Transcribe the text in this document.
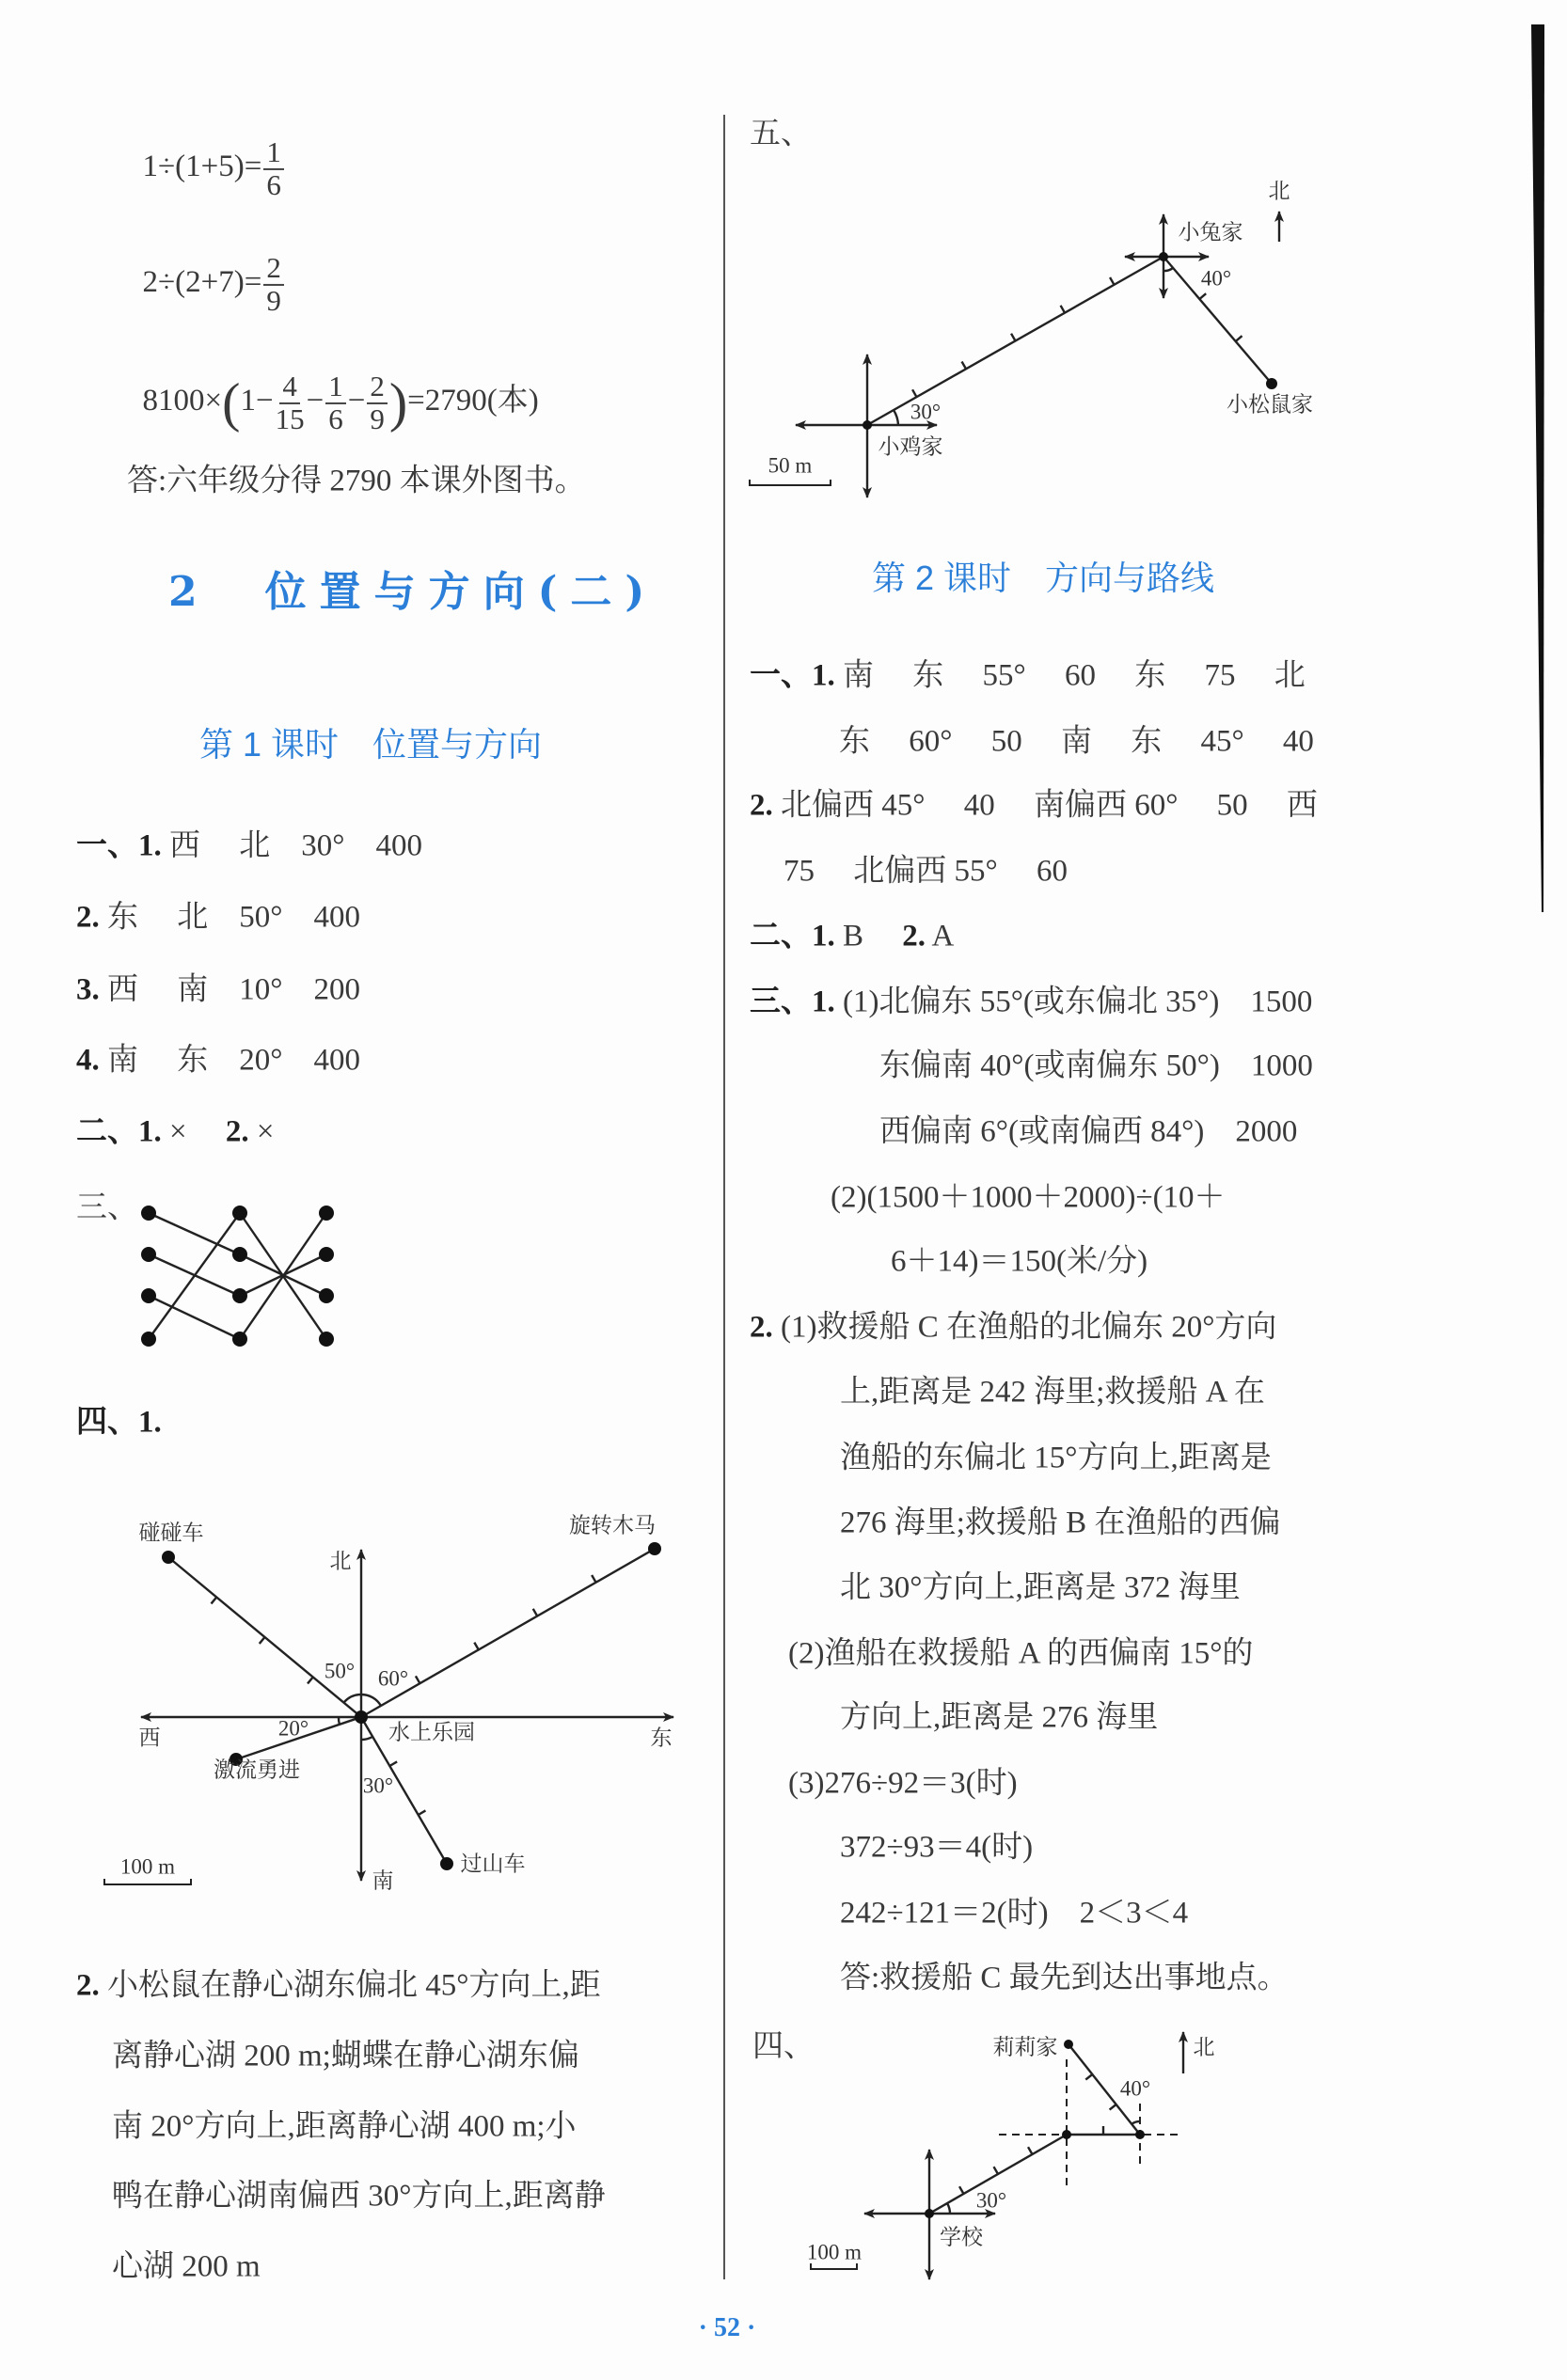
$1\div(1+5)= \frac{1}{6}$

$2\div(2+7)= \frac{2}{9}$

$8100\times(1- \frac{4}{15} - \frac{1}{6} - \frac{2}{9} )=2790$(本)

答:六年级分得 2790 本课外图书。
2　位置与方向(二)
第 1 课时　位置与方向
一、1. 西　 北　30°　400
2. 东　 北　50°　400
3. 西　 南　10°　200
4. 南　 东　20°　400
二、1. ×　 2. ×
三、
四、1.
碰碰车	旋转木马
北
50° 60°
西	20°	水上乐园	东
激流勇进
30°
过山车
南
100 m
2. 小松鼠在静心湖东偏北 45°方向上,距
离静心湖 200 m;蝴蝶在静心湖东偏
南 20°方向上,距离静心湖 400 m;小
鸭在静心湖南偏西 30°方向上,距离静
心湖 200 m
五、
小兔家
40°
北
30°
小鸡家
小松鼠家
50 m
第 2 课时　方向与路线
一、1. 南　 东　 55°　 60　 东　 75　 北
东　 60°　 50　 南　 东　 45°　 40
2. 北偏西 45°　 40　 南偏西 60°　 50　 西
75　 北偏西 55°　 60
二、1. B　 2. A
三、1. (1)北偏东 55°(或东偏北 35°)　1500
东偏南 40°(或南偏东 50°)　1000
西偏南 6°(或南偏西 84°)　2000
(2)(1500＋1000＋2000)÷(10＋
6＋14)＝150(米/分)
2. (1)救援船 C 在渔船的北偏东 20°方向
上,距离是 242 海里;救援船 A 在
渔船的东偏北 15°方向上,距离是
276 海里;救援船 B 在渔船的西偏
北 30°方向上,距离是 372 海里
(2)渔船在救援船 A 的西偏南 15°的
方向上,距离是 276 海里
(3)276÷92＝3(时)
372÷93＝4(时)
242÷121＝2(时)　2＜3＜4
答:救援船 C 最先到达出事地点。
四、	莉莉家	北
40°
30°
学校
100 m
· 52 ·
